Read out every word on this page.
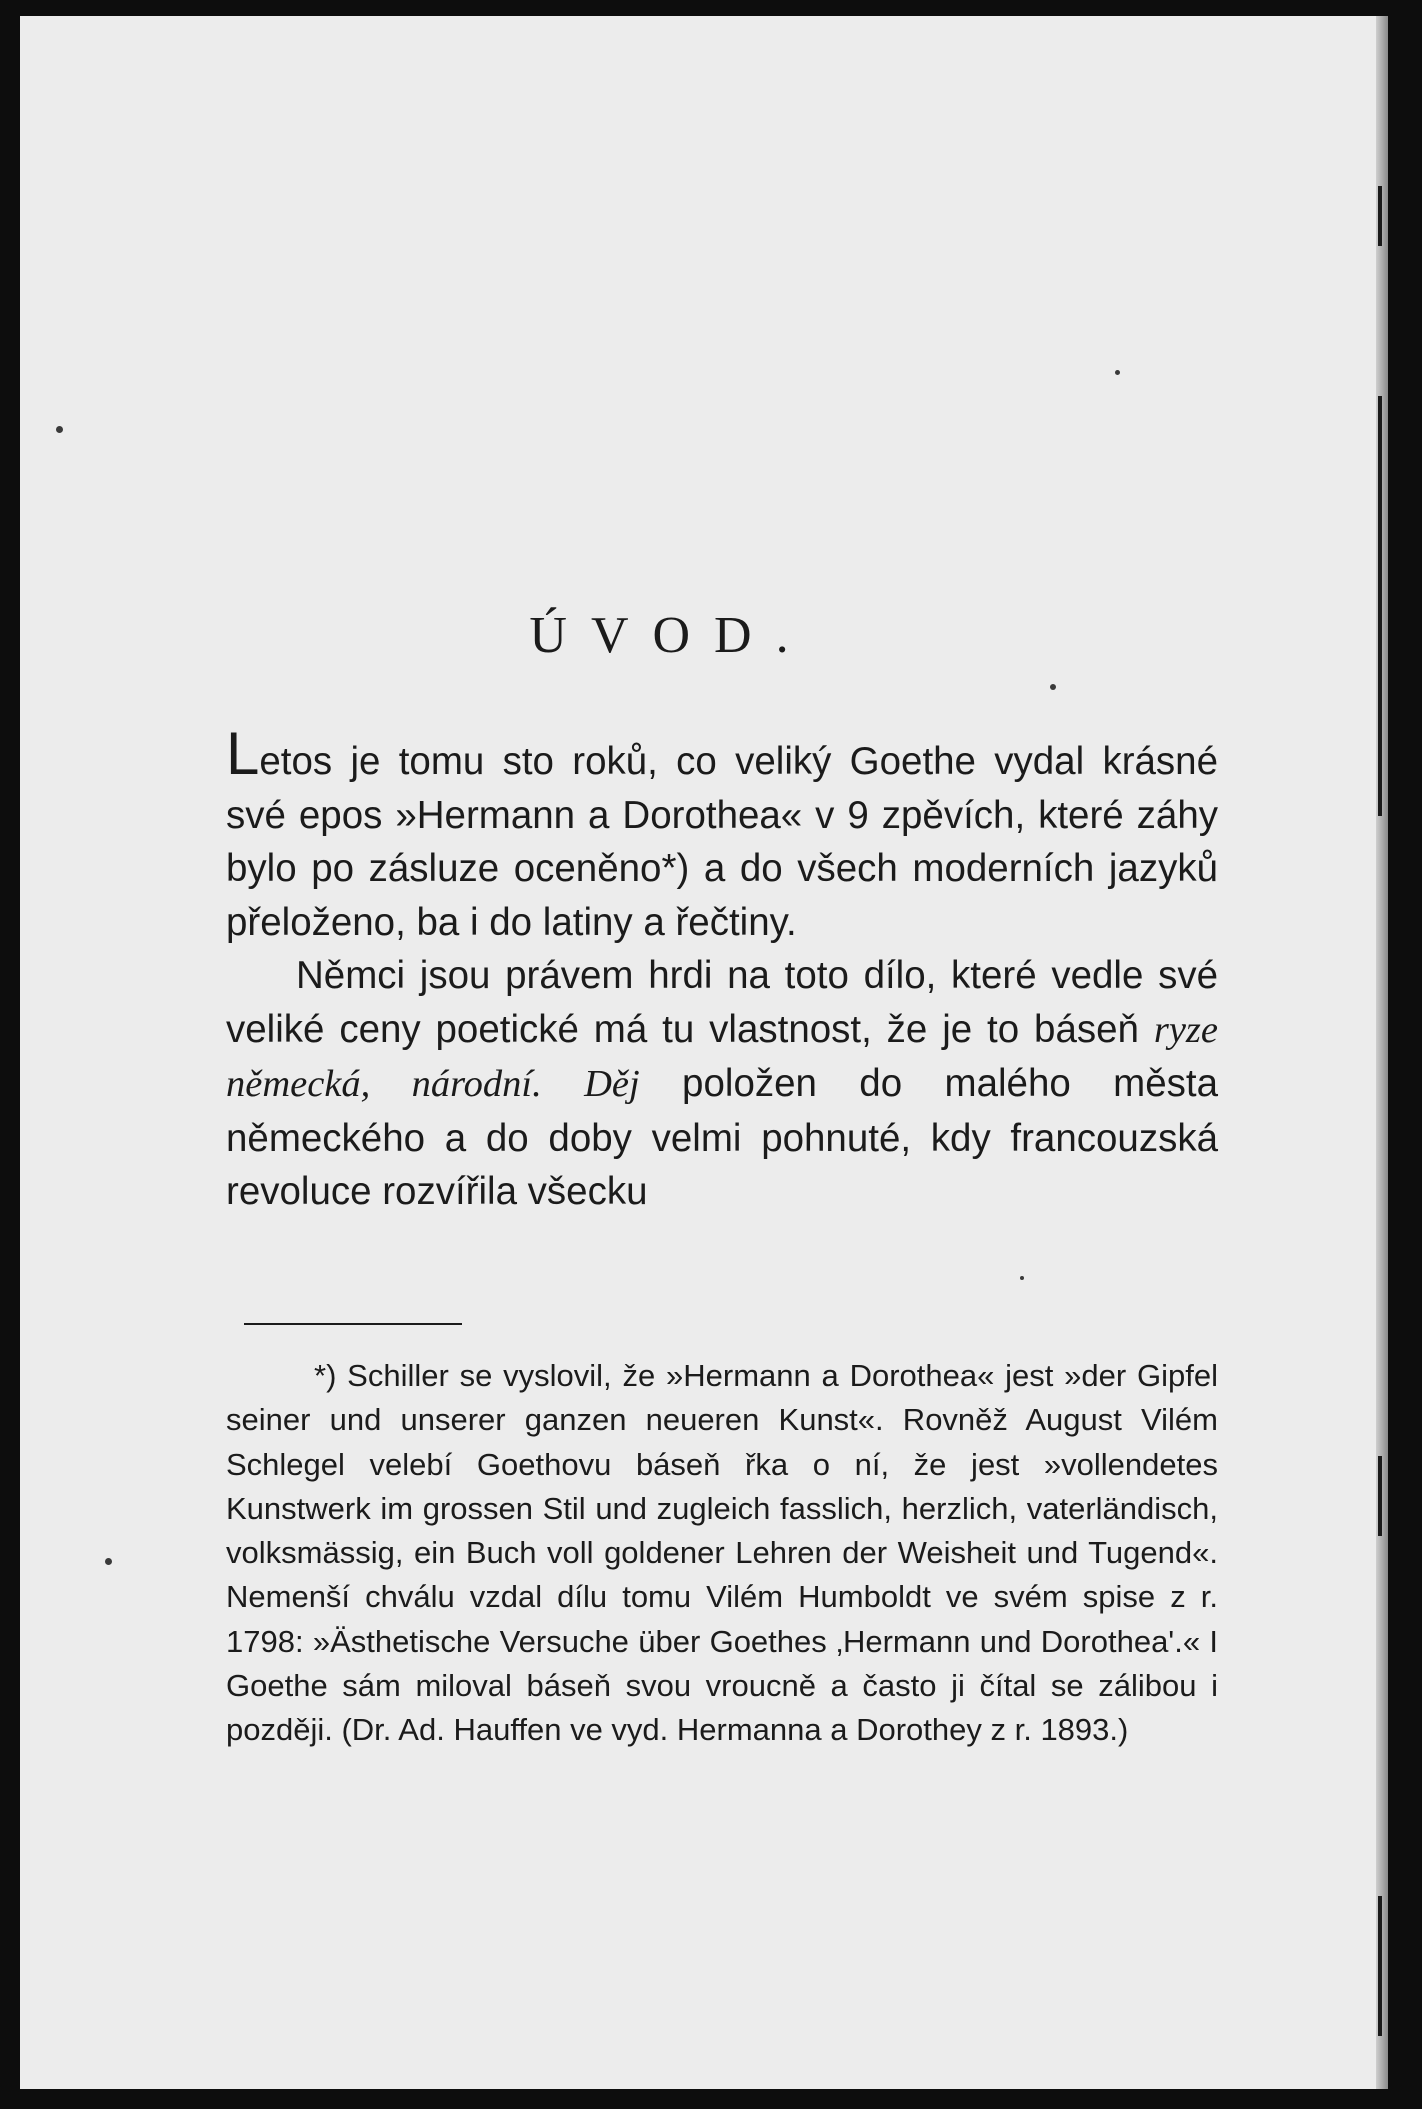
ÚVOD.

Letos je tomu sto roků, co veliký Goethe vydal krásné své epos »Hermann a Dorothea« v 9 zpěvích, které záhy bylo po zásluze oceněno*) a do všech moderních jazyků přeloženo, ba i do latiny a řečtiny.

Němci jsou právem hrdi na toto dílo, které vedle své veliké ceny poetické má tu vlastnost, že je to báseň ryze německá, národní. Děj položen do malého města německého a do doby velmi pohnuté, kdy francouzská revoluce rozvířila všecku

*) Schiller se vyslovil, že »Hermann a Dorothea« jest »der Gipfel seiner und unserer ganzen neueren Kunst«. Rovněž August Vilém Schlegel velebí Goethovu báseň řka o ní, že jest »vollendetes Kunstwerk im grossen Stil und zugleich fasslich, herzlich, vaterländisch, volksmässig, ein Buch voll goldener Lehren der Weisheit und Tugend«. Nemenší chválu vzdal dílu tomu Vilém Humboldt ve svém spise z r. 1798: »Ästhetische Versuche über Goethes ‚Hermann und Dorothea'.« I Goethe sám miloval báseň svou vroucně a často ji čítal se zálibou i později. (Dr. Ad. Hauffen ve vyd. Hermanna a Dorothey z r. 1893.)
